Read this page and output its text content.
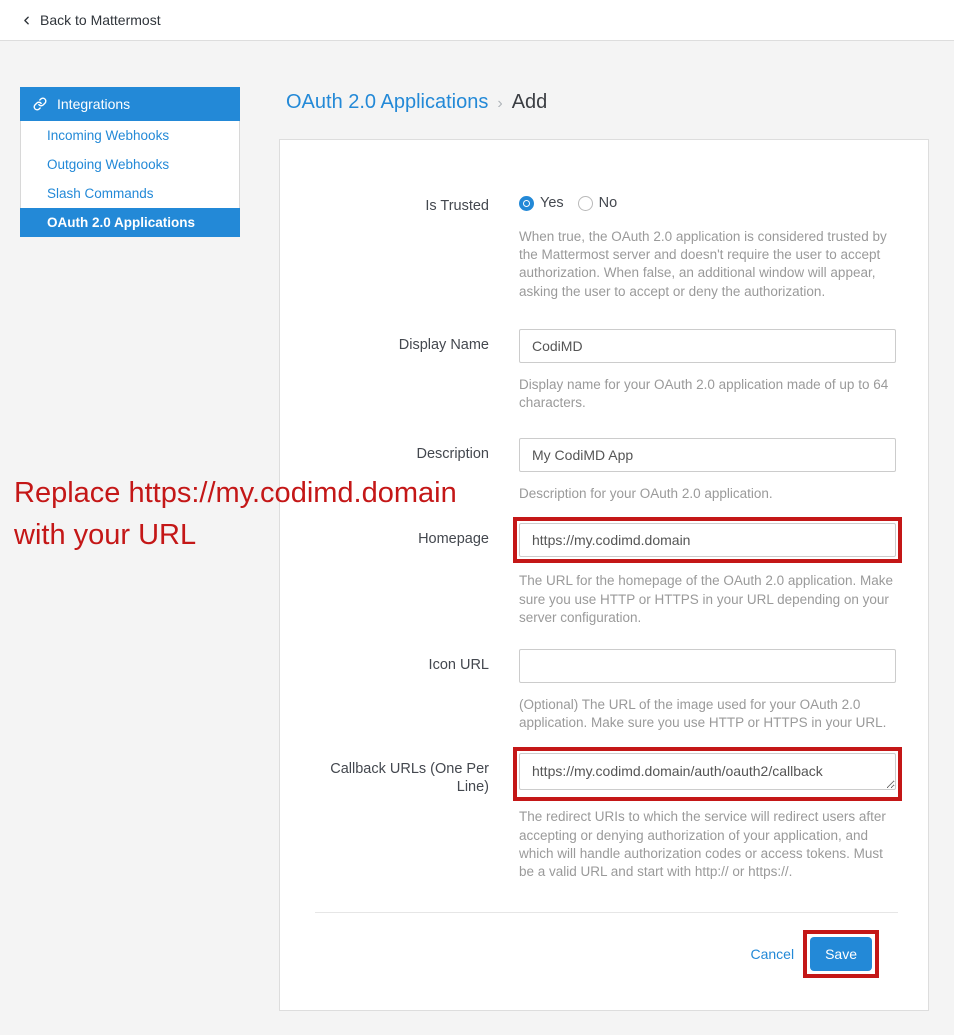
Back to Mattermost
Integrations
Incoming Webhooks
Outgoing Webhooks
Slash Commands
OAuth 2.0 Applications
OAuth 2.0 Applications › Add
Is Trusted	Yes No
When true, the OAuth 2.0 application is considered trusted by the Mattermost server and doesn't require the user to accept authorization. When false, an additional window will appear, asking the user to accept or deny the authorization.
Display Name
CodiMD
Display name for your OAuth 2.0 application made of up to 64 characters.
Description
My CodiMD App
Description for your OAuth 2.0 application.
Homepage
https://my.codimd.domain
The URL for the homepage of the OAuth 2.0 application. Make sure you use HTTP or HTTPS in your URL depending on your server configuration.
Icon URL
(Optional) The URL of the image used for your OAuth 2.0 application. Make sure you use HTTP or HTTPS in your URL.
Callback URLs (One Per Line)
https://my.codimd.domain/auth/oauth2/callback
The redirect URIs to which the service will redirect users after accepting or denying authorization of your application, and which will handle authorization codes or access tokens. Must be a valid URL and start with http:// or https://.
Cancel	Save
Replace https://my.codimd.domain
with your URL
